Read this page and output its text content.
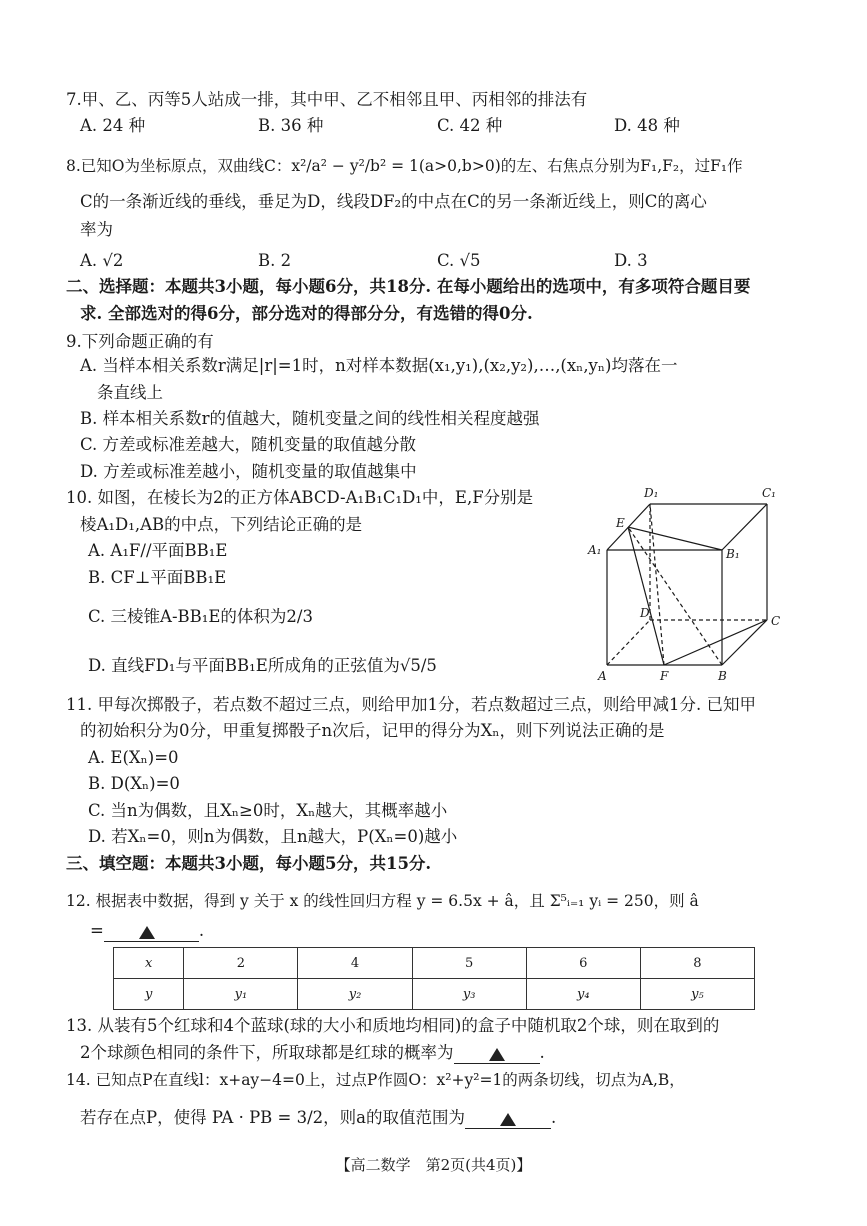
7.甲、乙、丙等5人站成一排，其中甲、乙不相邻且甲、丙相邻的排法有
A. 24 种	B. 36 种	C. 42 种	D. 48 种
8.已知O为坐标原点，双曲线C：x²/a² − y²/b² = 1(a>0,b>0)的左、右焦点分别为F₁,F₂，过F₁作
C的一条渐近线的垂线，垂足为D，线段DF₂的中点在C的另一条渐近线上，则C的离心
率为
A. √2	B. 2	C. √5	D. 3
二、选择题：本题共3小题，每小题6分，共18分. 在每小题给出的选项中，有多项符合题目要
求. 全部选对的得6分，部分选对的得部分分，有选错的得0分.
9.下列命题正确的有
A. 当样本相关系数r满足|r|=1时，n对样本数据(x₁,y₁),(x₂,y₂),…,(xₙ,yₙ)均落在一
条直线上
B. 样本相关系数r的值越大，随机变量之间的线性相关程度越强
C. 方差或标准差越大，随机变量的取值越分散
D. 方差或标准差越小，随机变量的取值越集中
10. 如图，在棱长为2的正方体ABCD-A₁B₁C₁D₁中，E,F分别是
棱A₁D₁,AB的中点，下列结论正确的是
A. A₁F//平面BB₁E
B. CF⊥平面BB₁E
C. 三棱锥A-BB₁E的体积为2/3
D. 直线FD₁与平面BB₁E所成角的正弦值为√5/5
D₁	C₁
E
A₁	B₁
D
C
A	F	B
11. 甲每次掷骰子，若点数不超过三点，则给甲加1分，若点数超过三点，则给甲减1分. 已知甲
的初始积分为0分，甲重复掷骰子n次后，记甲的得分为Xₙ，则下列说法正确的是
A. E(Xₙ)=0
B. D(Xₙ)=0
C. 当n为偶数，且Xₙ≥0时，Xₙ越大，其概率越小
D. 若Xₙ=0，则n为偶数，且n越大，P(Xₙ=0)越小
三、填空题：本题共3小题，每小题5分，共15分.
12. 根据表中数据，得到 y 关于 x 的线性回归方程 y = 6.5x + â，且 Σ⁵ᵢ₌₁ yᵢ = 250，则 â
=	.
x	2	4	5	6	8
y	y₁	y₂	y₃	y₄	y₅
13. 从装有5个红球和4个蓝球(球的大小和质地均相同)的盒子中随机取2个球，则在取到的
2个球颜色相同的条件下，所取球都是红球的概率为	.
14. 已知点P在直线l：x+ay−4=0上，过点P作圆O：x²+y²=1的两条切线，切点为A,B，
若存在点P，使得 PA · PB = 3/2，则a的取值范围为	.
【高二数学　第2页(共4页)】
